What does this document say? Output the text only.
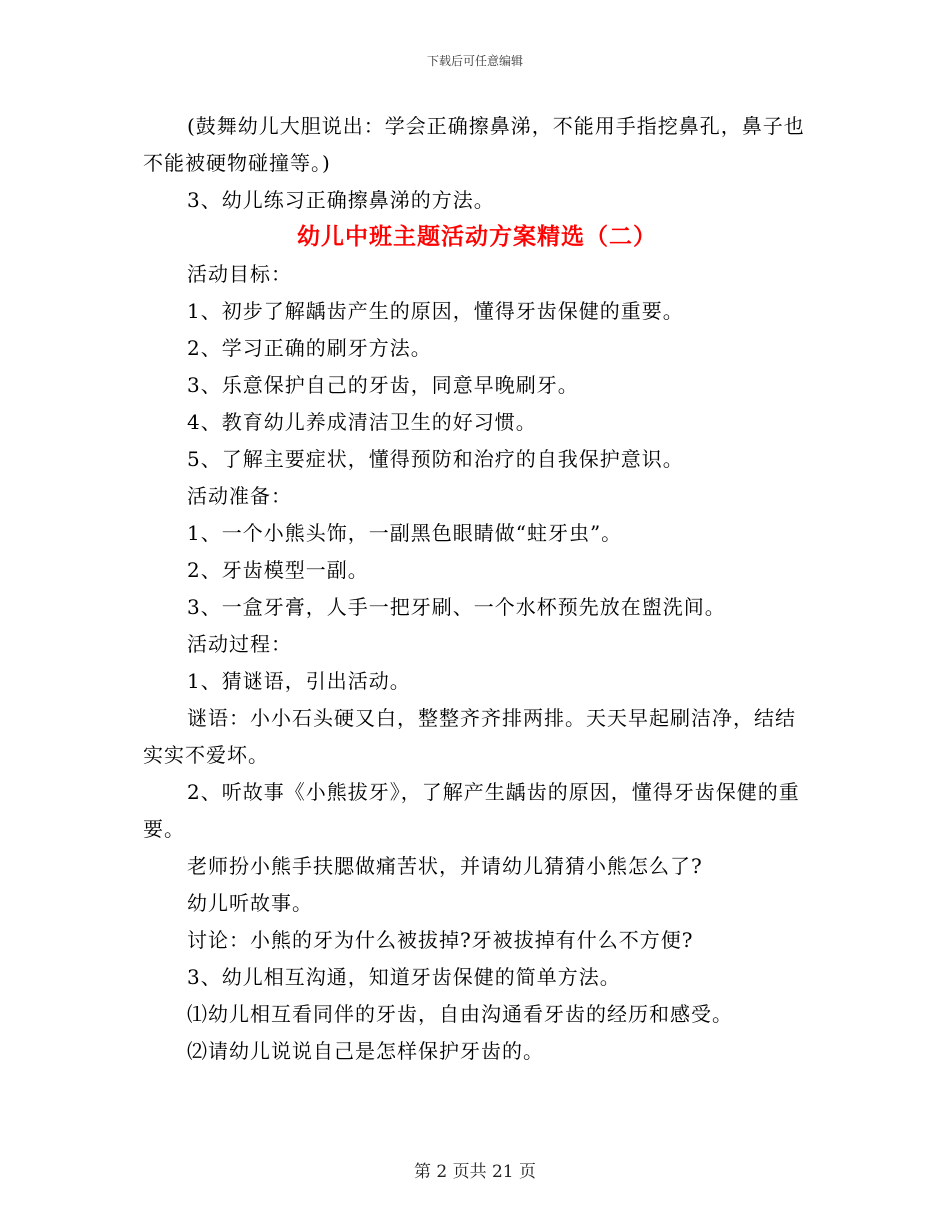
下载后可任意编辑

(鼓舞幼儿大胆说出：学会正确擦鼻涕，不能用手指挖鼻孔，鼻子也不能被硬物碰撞等。)

3、幼儿练习正确擦鼻涕的方法。

幼儿中班主题活动方案精选（二）

活动目标：

1、初步了解龋齿产生的原因，懂得牙齿保健的重要。

2、学习正确的刷牙方法。

3、乐意保护自己的牙齿，同意早晚刷牙。

4、教育幼儿养成清洁卫生的好习惯。

5、了解主要症状，懂得预防和治疗的自我保护意识。

活动准备：

1、一个小熊头饰，一副黑色眼睛做“蛀牙虫”。

2、牙齿模型一副。

3、一盒牙膏，人手一把牙刷、一个水杯预先放在盥洗间。

活动过程：

1、猜谜语，引出活动。

谜语：小小石头硬又白，整整齐齐排两排。天天早起刷洁净，结结实实不爱坏。

2、听故事《小熊拔牙》，了解产生龋齿的原因，懂得牙齿保健的重要。

老师扮小熊手扶腮做痛苦状，并请幼儿猜猜小熊怎么了?

幼儿听故事。

讨论：小熊的牙为什么被拔掉?牙被拔掉有什么不方便?

3、幼儿相互沟通，知道牙齿保健的简单方法。

⑴幼儿相互看同伴的牙齿，自由沟通看牙齿的经历和感受。

⑵请幼儿说说自己是怎样保护牙齿的。

第 2 页共 21 页
